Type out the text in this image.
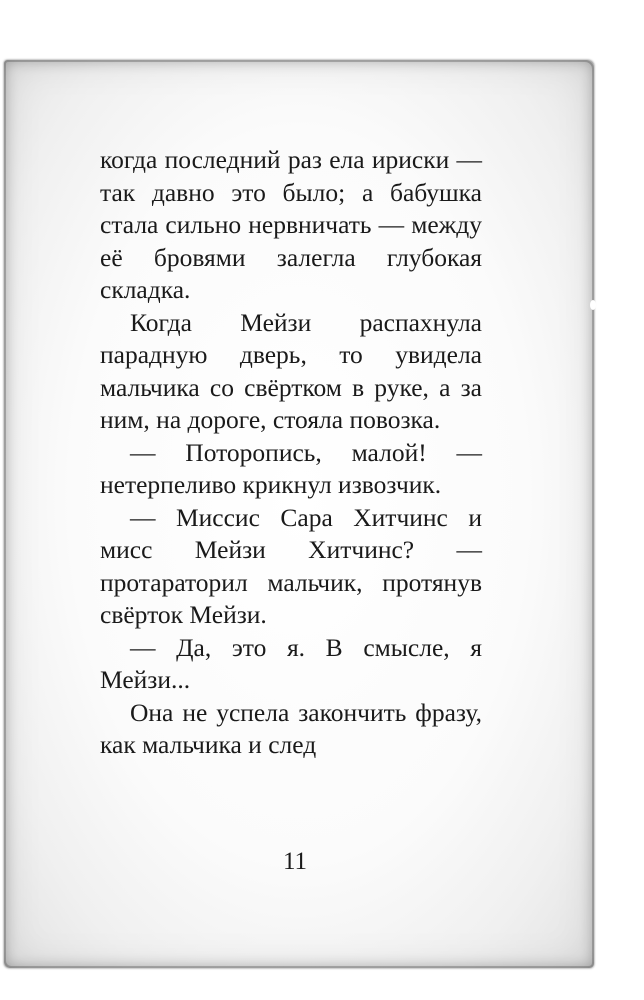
когда последний раз ела ириски — так давно это было; а бабушка стала сильно нервничать — между её бровями залегла глубокая складка.

Когда Мейзи распахнула парадную дверь, то увидела мальчика со свёртком в руке, а за ним, на дороге, стояла повозка.

— Поторопись, малой! — нетерпеливо крикнул извозчик.

— Миссис Сара Хитчинс и мисс Мейзи Хитчинс? — протараторил мальчик, протянув свёрток Мейзи.

— Да, это я. В смысле, я Мейзи...

Она не успела закончить фразу, как мальчика и след

11
